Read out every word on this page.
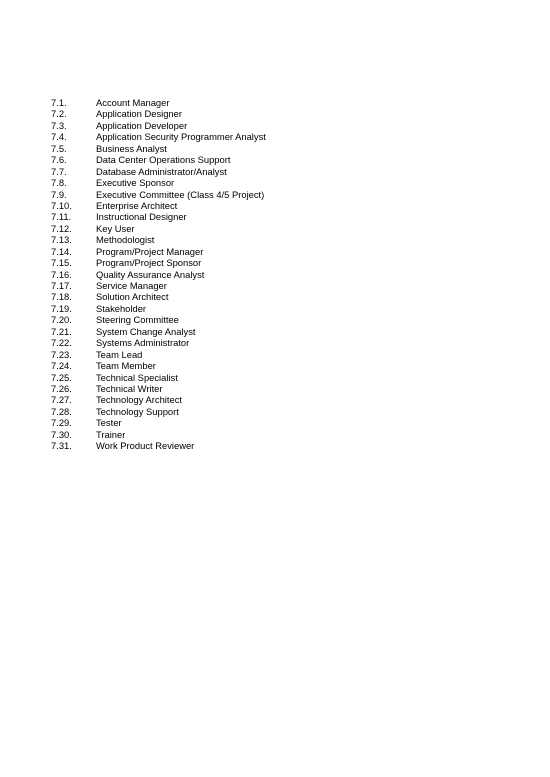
7.1.	Account Manager
7.2.	Application Designer
7.3.	Application Developer
7.4.	Application Security Programmer Analyst
7.5.	Business Analyst
7.6.	Data Center Operations Support
7.7.	Database Administrator/Analyst
7.8.	Executive Sponsor
7.9.	Executive Committee (Class 4/5 Project)
7.10.	Enterprise Architect
7.11.	Instructional Designer
7.12.	Key User
7.13.	Methodologist
7.14.	Program/Project Manager
7.15.	Program/Project Sponsor
7.16.	Quality Assurance Analyst
7.17.	Service Manager
7.18.	Solution Architect
7.19.	Stakeholder
7.20.	Steering Committee
7.21.	System Change Analyst
7.22.	Systems Administrator
7.23.	Team Lead
7.24.	Team Member
7.25.	Technical Specialist
7.26.	Technical Writer
7.27.	Technology Architect
7.28.	Technology Support
7.29.	Tester
7.30.	Trainer
7.31.	Work Product Reviewer
